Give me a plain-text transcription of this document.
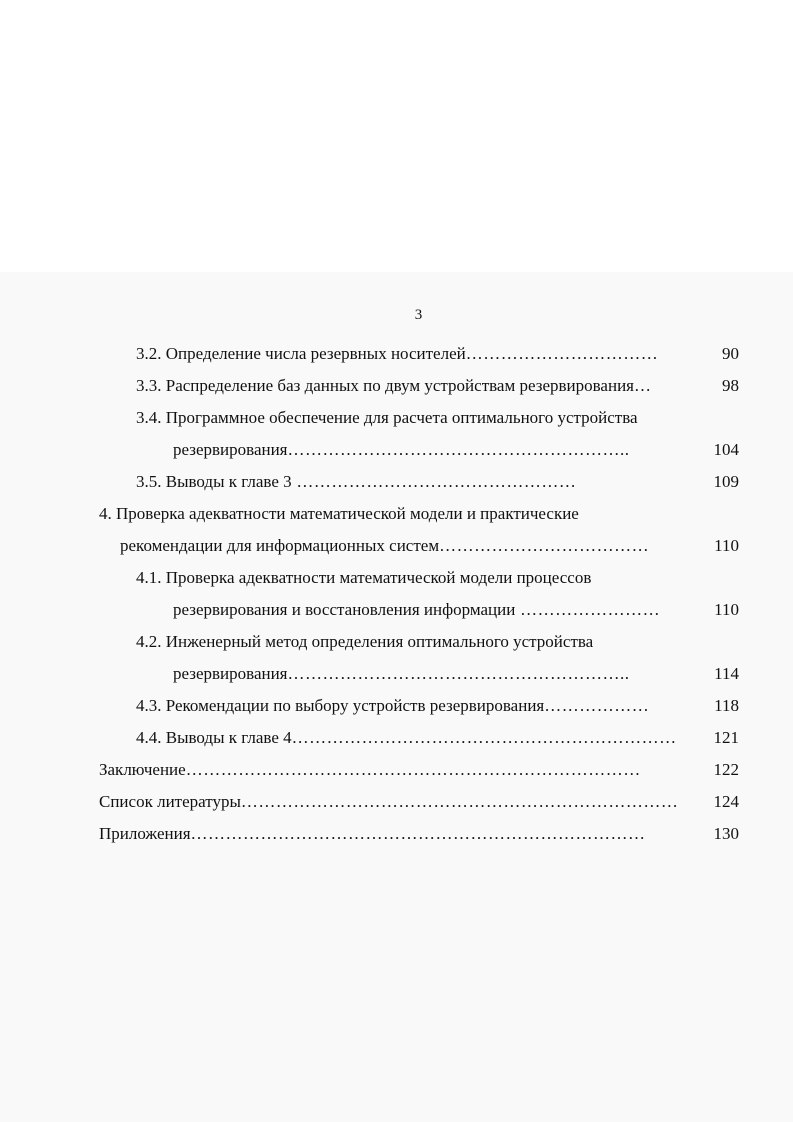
3
3.2. Определение числа резервных носителей……………………………	90
3.3. Распределение баз данных по двум устройствам резервирования…	98
3.4. Программное обеспечение для расчета оптимального устройства
резервирования…………………………………………………..	104
3.5. Выводы к главе 3 …………………………………………	109
4. Проверка адекватности математической модели и практические
рекомендации для информационных систем………………………………	110
4.1. Проверка адекватности математической модели процессов
резервирования и восстановления информации ……………………	110
4.2. Инженерный метод определения оптимального устройства
резервирования…………………………………………………..	114
4.3. Рекомендации по выбору устройств резервирования………………	118
4.4. Выводы к главе 4…………………………………………………………	121
Заключение……………………………………………………………………	122
Список литературы…………………………………………………………………	124
Приложения……………………………………………………………………	130
